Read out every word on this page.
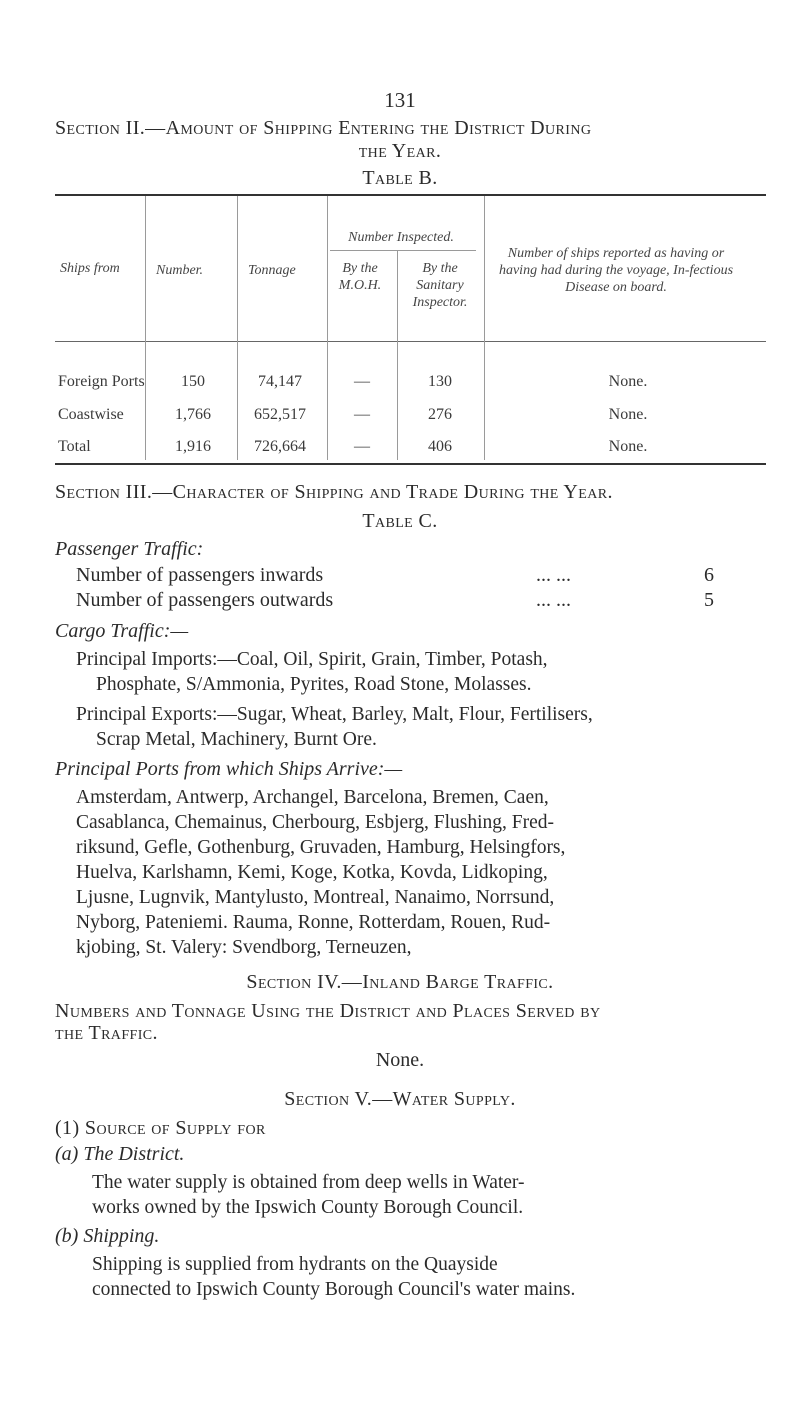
131
Section II.—Amount of Shipping Entering the District During
the Year.
Table B.
Ships from	Number.	Tonnage
Number Inspected.
By the M.O.H.
By the Sanitary Inspector.
Number of ships reported as having or having had during the voyage, In-fectious Disease on board.
Foreign Ports	150	74,147	—	130	None.
Coastwise	1,766	652,517	—	276	None.
Total	1,916	726,664	—	406	None.
Section III.—Character of Shipping and Trade During the Year.
Table C.
Passenger Traffic:
Number of passengers inwards	... ...	6
Number of passengers outwards	... ...	5
Cargo Traffic:—
Principal Imports:—Coal, Oil, Spirit, Grain, Timber, Potash,
Phosphate, S/Ammonia, Pyrites, Road Stone, Molasses.
Principal Exports:—Sugar, Wheat, Barley, Malt, Flour, Fertilisers,
Scrap Metal, Machinery, Burnt Ore.
Principal Ports from which Ships Arrive:—
Amsterdam, Antwerp, Archangel, Barcelona, Bremen, Caen,
Casablanca, Chemainus, Cherbourg, Esbjerg, Flushing, Fred-
riksund, Gefle, Gothenburg, Gruvaden, Hamburg, Helsingfors,
Huelva, Karlshamn, Kemi, Koge, Kotka, Kovda, Lidkoping,
Ljusne, Lugnvik, Mantylusto, Montreal, Nanaimo, Norrsund,
Nyborg, Pateniemi. Rauma, Ronne, Rotterdam, Rouen, Rud-
kjobing, St. Valery: Svendborg, Terneuzen,
Section IV.—Inland Barge Traffic.
Numbers and Tonnage Using the District and Places Served by
the Traffic.
None.
Section V.—Water Supply.
(1) Source of Supply for
(a) The District.
The water supply is obtained from deep wells in Water-
works owned by the Ipswich County Borough Council.
(b) Shipping.
Shipping is supplied from hydrants on the Quayside
connected to Ipswich County Borough Council's water mains.
